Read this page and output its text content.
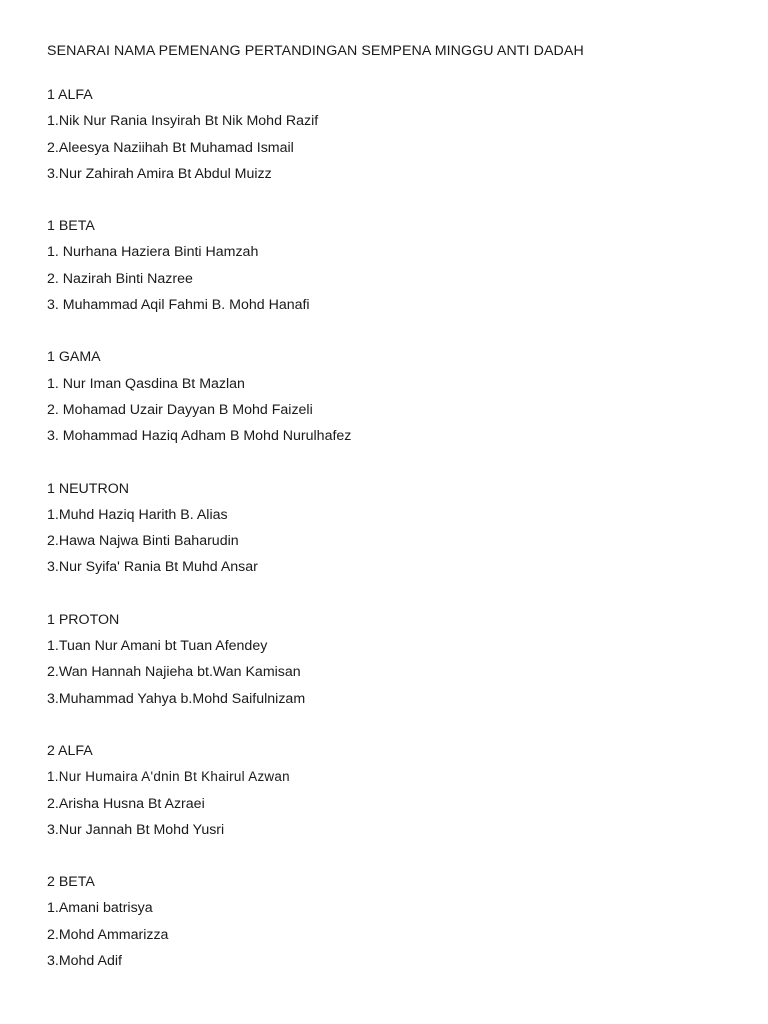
SENARAI NAMA PEMENANG PERTANDINGAN SEMPENA MINGGU ANTI DADAH

1 ALFA

1.Nik Nur Rania Insyirah Bt Nik Mohd Razif

2.Aleesya Naziihah Bt Muhamad Ismail

3.Nur Zahirah Amira Bt Abdul Muizz

1 BETA

1. Nurhana Haziera Binti Hamzah

2. Nazirah Binti Nazree

3. Muhammad Aqil Fahmi B. Mohd Hanafi

1 GAMA

1. Nur Iman Qasdina Bt Mazlan

2. Mohamad Uzair Dayyan B Mohd Faizeli

3. Mohammad Haziq Adham B Mohd Nurulhafez

1 NEUTRON

1.Muhd Haziq Harith B. Alias

2.Hawa Najwa Binti Baharudin

3.Nur Syifa' Rania Bt Muhd Ansar

1 PROTON

1.Tuan Nur Amani bt Tuan Afendey

2.Wan Hannah Najieha bt.Wan Kamisan

3.Muhammad Yahya b.Mohd Saifulnizam

2 ALFA

1.Nur Humaira A'dnin Bt Khairul Azwan

2.Arisha Husna Bt Azraei

3.Nur Jannah Bt Mohd Yusri

2 BETA

1.Amani batrisya

2.Mohd Ammarizza

3.Mohd Adif
